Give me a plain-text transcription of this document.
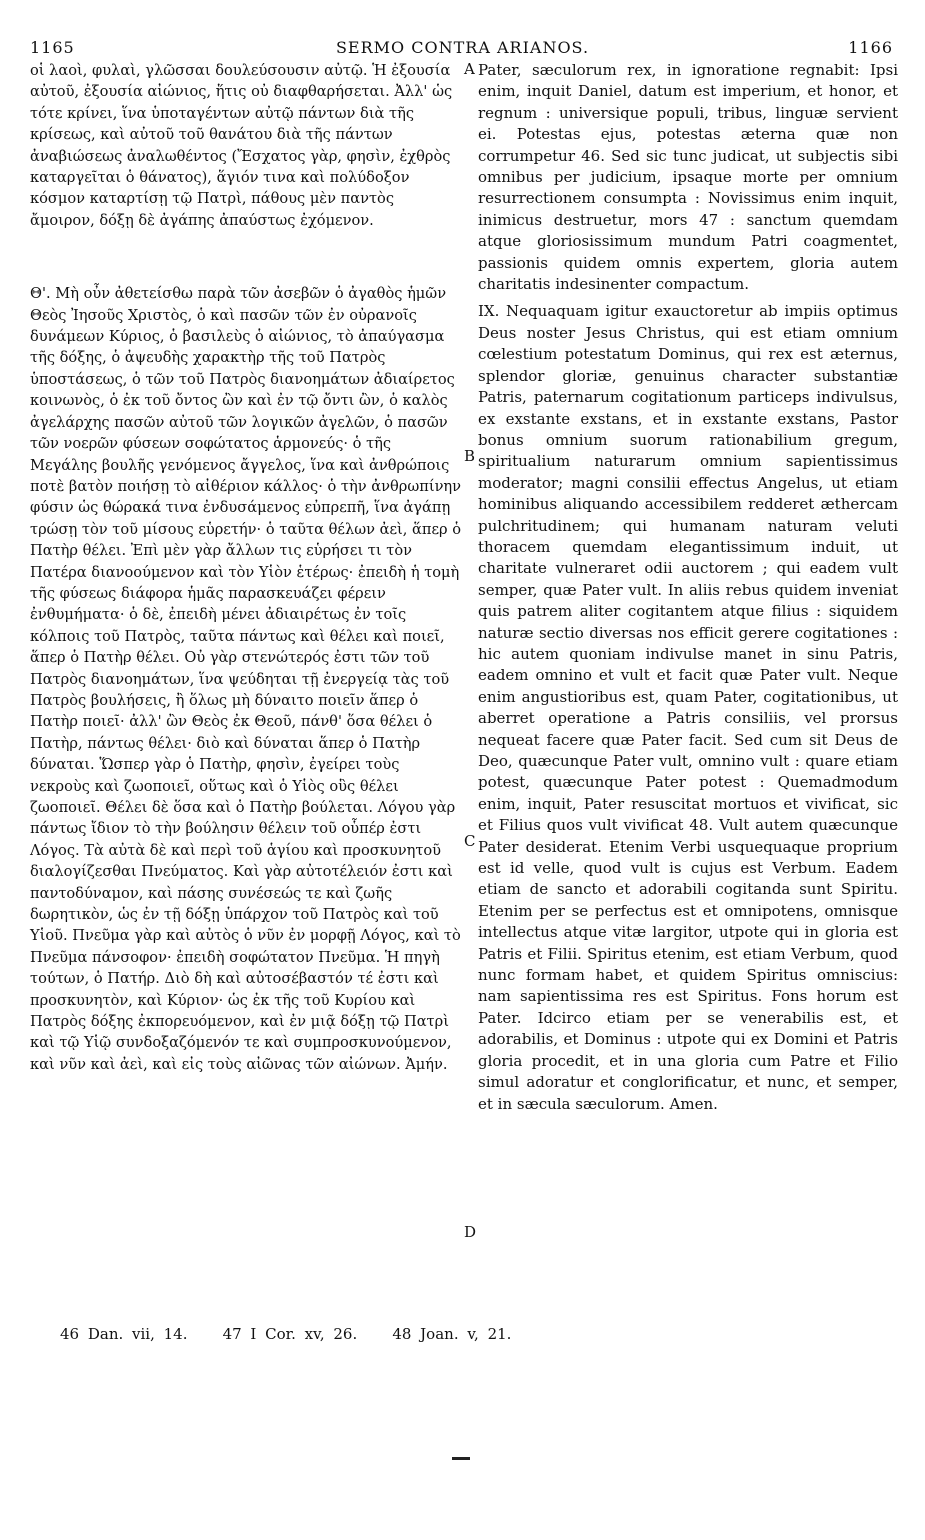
1165	SERMO CONTRA ARIANOS.	1166

οἱ λαοὶ, φυλαὶ, γλῶσσαι δουλεύσουσιν αὐτῷ. Ἡ ἐξουσία αὐτοῦ, ἐξουσία αἰώνιος, ἥτις οὐ διαφθαρήσεται. Ἀλλ' ὡς τότε κρίνει, ἵνα ὑποταγέντων αὐτῷ πάντων διὰ τῆς κρίσεως, καὶ αὐτοῦ τοῦ θανάτου διὰ τῆς πάντων ἀναβιώσεως ἀναλωθέντος (Ἔσχατος γὰρ, φησὶν, ἐχθρὸς καταργεῖται ὁ θάνατος), ἅγιόν τινα καὶ πολύδοξον κόσμον καταρτίσῃ τῷ Πατρὶ, πάθους μὲν παντὸς ἄμοιρον, δόξῃ δὲ ἀγάπης ἀπαύστως ἐχόμενον.

Θ'. Μὴ οὖν ἀθετείσθω παρὰ τῶν ἀσεβῶν ὁ ἀγαθὸς ἡμῶν Θεὸς Ἰησοῦς Χριστὸς, ὁ καὶ πασῶν τῶν ἐν οὐρανοῖς δυνάμεων Κύριος, ὁ βασιλεὺς ὁ αἰώνιος, τὸ ἀπαύγασμα τῆς δόξης, ὁ ἀψευδὴς χαρακτὴρ τῆς τοῦ Πατρὸς ὑποστάσεως, ὁ τῶν τοῦ Πατρὸς διανοημάτων ἀδιαίρετος κοινωνὸς, ὁ ἐκ τοῦ ὄντος ὢν καὶ ἐν τῷ ὄντι ὢν, ὁ καλὸς ἀγελάρχης πασῶν αὐτοῦ τῶν λογικῶν ἀγελῶν, ὁ πασῶν τῶν νοερῶν φύσεων σοφώτατος ἁρμονεύς· ὁ τῆς Μεγάλης βουλῆς γενόμενος ἄγγελος, ἵνα καὶ ἀνθρώποις ποτὲ βατὸν ποιήσῃ τὸ αἰθέριον κάλλος· ὁ τὴν ἀνθρωπίνην φύσιν ὡς θώρακά τινα ἐνδυσάμενος εὐπρεπῆ, ἵνα ἀγάπῃ τρώσῃ τὸν τοῦ μίσους εὑρετήν· ὁ ταῦτα θέλων ἀεὶ, ἅπερ ὁ Πατὴρ θέλει. Ἐπὶ μὲν γὰρ ἄλλων τις εὑρήσει τι τὸν Πατέρα διανοούμενον καὶ τὸν Υἱὸν ἑτέρως· ἐπειδὴ ἡ τομὴ τῆς φύσεως διάφορα ἡμᾶς παρασκευάζει φέρειν ἐνθυμήματα· ὁ δὲ, ἐπειδὴ μένει ἀδιαιρέτως ἐν τοῖς κόλποις τοῦ Πατρὸς, ταῦτα πάντως καὶ θέλει καὶ ποιεῖ, ἅπερ ὁ Πατὴρ θέλει. Οὐ γὰρ στενώτερός ἐστι τῶν τοῦ Πατρὸς διανοημάτων, ἵνα ψεύδηται τῇ ἐνεργείᾳ τὰς τοῦ Πατρὸς βουλήσεις, ἢ ὅλως μὴ δύναιτο ποιεῖν ἅπερ ὁ Πατὴρ ποιεῖ· ἀλλ' ὢν Θεὸς ἐκ Θεοῦ, πάνθ' ὅσα θέλει ὁ Πατὴρ, πάντως θέλει· διὸ καὶ δύναται ἅπερ ὁ Πατὴρ δύναται. Ὥσπερ γὰρ ὁ Πατὴρ, φησὶν, ἐγείρει τοὺς νεκροὺς καὶ ζωοποιεῖ, οὕτως καὶ ὁ Υἱὸς οὓς θέλει ζωοποιεῖ. Θέλει δὲ ὅσα καὶ ὁ Πατὴρ βούλεται. Λόγου γὰρ πάντως ἴδιον τὸ τὴν βούλησιν θέλειν τοῦ οὗπέρ ἐστι Λόγος. Τὰ αὐτὰ δὲ καὶ περὶ τοῦ ἁγίου καὶ προσκυνητοῦ διαλογίζεσθαι Πνεύματος. Καὶ γὰρ αὐτοτέλειόν ἐστι καὶ παντοδύναμον, καὶ πάσης συνέσεώς τε καὶ ζωῆς δωρητικὸν, ὡς ἐν τῇ δόξῃ ὑπάρχον τοῦ Πατρὸς καὶ τοῦ Υἱοῦ. Πνεῦμα γὰρ καὶ αὐτὸς ὁ νῦν ἐν μορφῇ Λόγος, καὶ τὸ Πνεῦμα πάνσοφον· ἐπειδὴ σοφώτατον Πνεῦμα. Ἡ πηγὴ τούτων, ὁ Πατήρ. Διὸ δὴ καὶ αὐτοσέβαστόν τέ ἐστι καὶ προσκυνητὸν, καὶ Κύριον· ὡς ἐκ τῆς τοῦ Κυρίου καὶ Πατρὸς δόξης ἐκπορευόμενον, καὶ ἐν μιᾷ δόξῃ τῷ Πατρὶ καὶ τῷ Υἱῷ συνδοξαζόμενόν τε καὶ συμπροσκυνούμενον, καὶ νῦν καὶ ἀεὶ, καὶ εἰς τοὺς αἰῶνας τῶν αἰώνων. Ἀμήν.

Pater, sæculorum rex, in ignoratione regnabit: Ipsi enim, inquit Daniel, datum est imperium, et honor, et regnum : universique populi, tribus, linguæ servient ei. Potestas ejus, potestas æterna quæ non corrumpetur 46. Sed sic tunc judicat, ut subjectis sibi omnibus per judicium, ipsaque morte per omnium resurrectionem consumpta : Novissimus enim inquit, inimicus destruetur, mors 47 : sanctum quemdam atque gloriosissimum mundum Patri coagmentet, passionis quidem omnis expertem, gloria autem charitatis indesinenter compactum.

IX. Nequaquam igitur exauctoretur ab impiis optimus Deus noster Jesus Christus, qui est etiam omnium cœlestium potestatum Dominus, qui rex est æternus, splendor gloriæ, genuinus character substantiæ Patris, paternarum cogitationum particeps indivulsus, ex exstante exstans, et in exstante exstans, Pastor bonus omnium suorum rationabilium gregum, spiritualium naturarum omnium sapientissimus moderator; magni consilii effectus Angelus, ut etiam hominibus aliquando accessibilem redderet æthercam pulchritudinem; qui humanam naturam veluti thoracem quemdam elegantissimum induit, ut charitate vulneraret odii auctorem ; qui eadem vult semper, quæ Pater vult. In aliis rebus quidem inveniat quis patrem aliter cogitantem atque filius : siquidem naturæ sectio diversas nos efficit gerere cogitationes : hic autem quoniam indivulse manet in sinu Patris, eadem omnino et vult et facit quæ Pater vult. Neque enim angustioribus est, quam Pater, cogitationibus, ut aberret operatione a Patris consiliis, vel prorsus nequeat facere quæ Pater facit. Sed cum sit Deus de Deo, quæcunque Pater vult, omnino vult : quare etiam potest, quæcunque Pater potest : Quemadmodum enim, inquit, Pater resuscitat mortuos et vivificat, sic et Filius quos vult vivificat 48. Vult autem quæcunque Pater desiderat. Etenim Verbi usquequaque proprium est id velle, quod vult is cujus est Verbum. Eadem etiam de sancto et adorabili cogitanda sunt Spiritu. Etenim per se perfectus est et omnipotens, omnisque intellectus atque vitæ largitor, utpote qui in gloria est Patris et Filii. Spiritus etenim, est etiam Verbum, quod nunc formam habet, et quidem Spiritus omniscius: nam sapientissima res est Spiritus. Fons horum est Pater. Idcirco etiam per se venerabilis est, et adorabilis, et Dominus : utpote qui ex Domini et Patris gloria procedit, et in una gloria cum Patre et Filio simul adoratur et conglorificatur, et nunc, et semper, et in sæcula sæculorum. Amen.

A
B
C
D
46 Dan. vii, 14. 47 I Cor. xv, 26. 48 Joan. v, 21.
